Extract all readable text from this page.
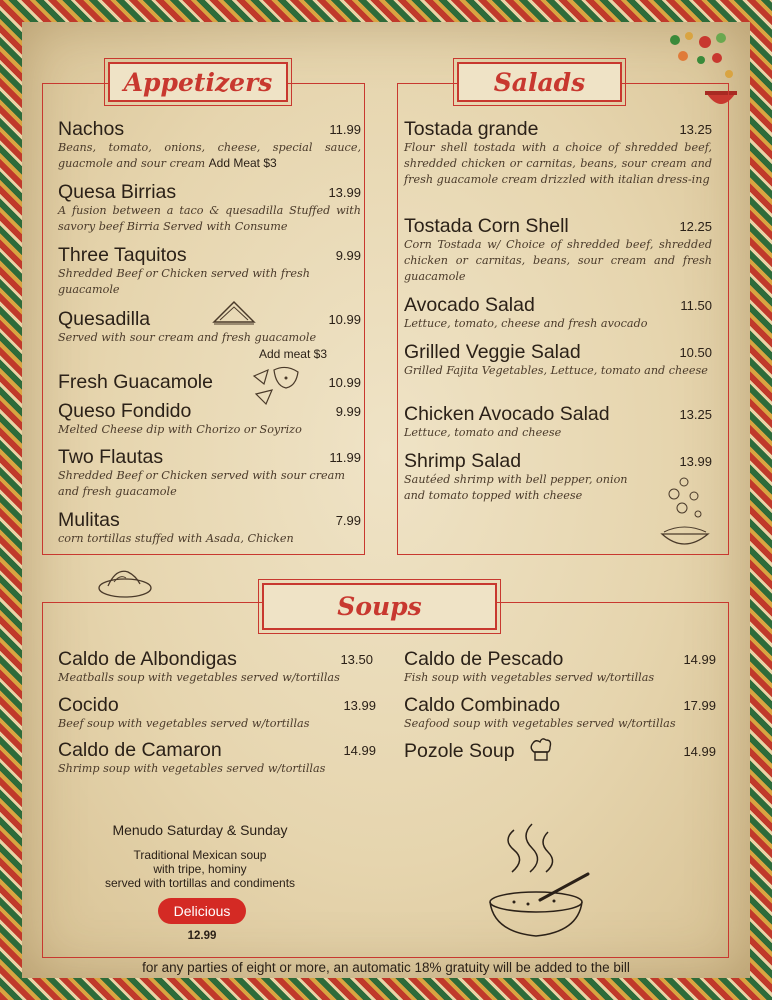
Appetizers
Nachos	11.99
Beans, tomato, onions, cheese, special sauce, guacmole and sour cream Add Meat $3
Quesa Birrias	13.99
A fusion between a taco & quesadilla Stuffed with savory beef Birria Served with Consume
Three Taquitos	9.99
Shredded Beef or Chicken served with fresh guacamole
Quesadilla	10.99
Served with sour cream and fresh guacamole
Add meat $3
Fresh Guacamole	10.99
Queso Fondido	9.99
Melted Cheese dip with Chorizo or Soyrizo
Two Flautas	11.99
Shredded Beef or Chicken served with sour cream and fresh guacamole
Mulitas	7.99
corn tortillas stuffed with Asada, Chicken
Salads
Tostada grande	13.25
Flour shell tostada with a choice of shredded beef, shredded chicken or carnitas, beans, sour cream and fresh guacamole cream drizzled with italian dress-ing
Tostada Corn Shell	12.25
Corn Tostada w/ Choice of shredded beef, shredded chicken or carnitas, beans, sour cream and fresh guacamole
Avocado Salad	11.50
Lettuce, tomato, cheese and fresh avocado
Grilled Veggie Salad	10.50
Grilled Fajita Vegetables, Lettuce, tomato and cheese
Chicken Avocado Salad	13.25
Lettuce, tomato and cheese
Shrimp Salad	13.99
Sautéed shrimp with bell pepper, onion and tomato topped with cheese
Soups
Caldo de Albondigas	13.50
Meatballs soup with vegetables served w/tortillas
Cocido	13.99
Beef soup with vegetables served w/tortillas
Caldo de Camaron	14.99
Shrimp soup with vegetables served w/tortillas
Caldo de Pescado	14.99
Fish soup with vegetables served w/tortillas
Caldo Combinado	17.99
Seafood soup with vegetables served w/tortillas
Pozole Soup	14.99
Menudo Saturday & Sunday
Traditional Mexican soup
with tripe, hominy
served with tortillas and condiments
Delicious
12.99
for any parties of eight or more, an automatic 18% gratuity will be added to the bill
